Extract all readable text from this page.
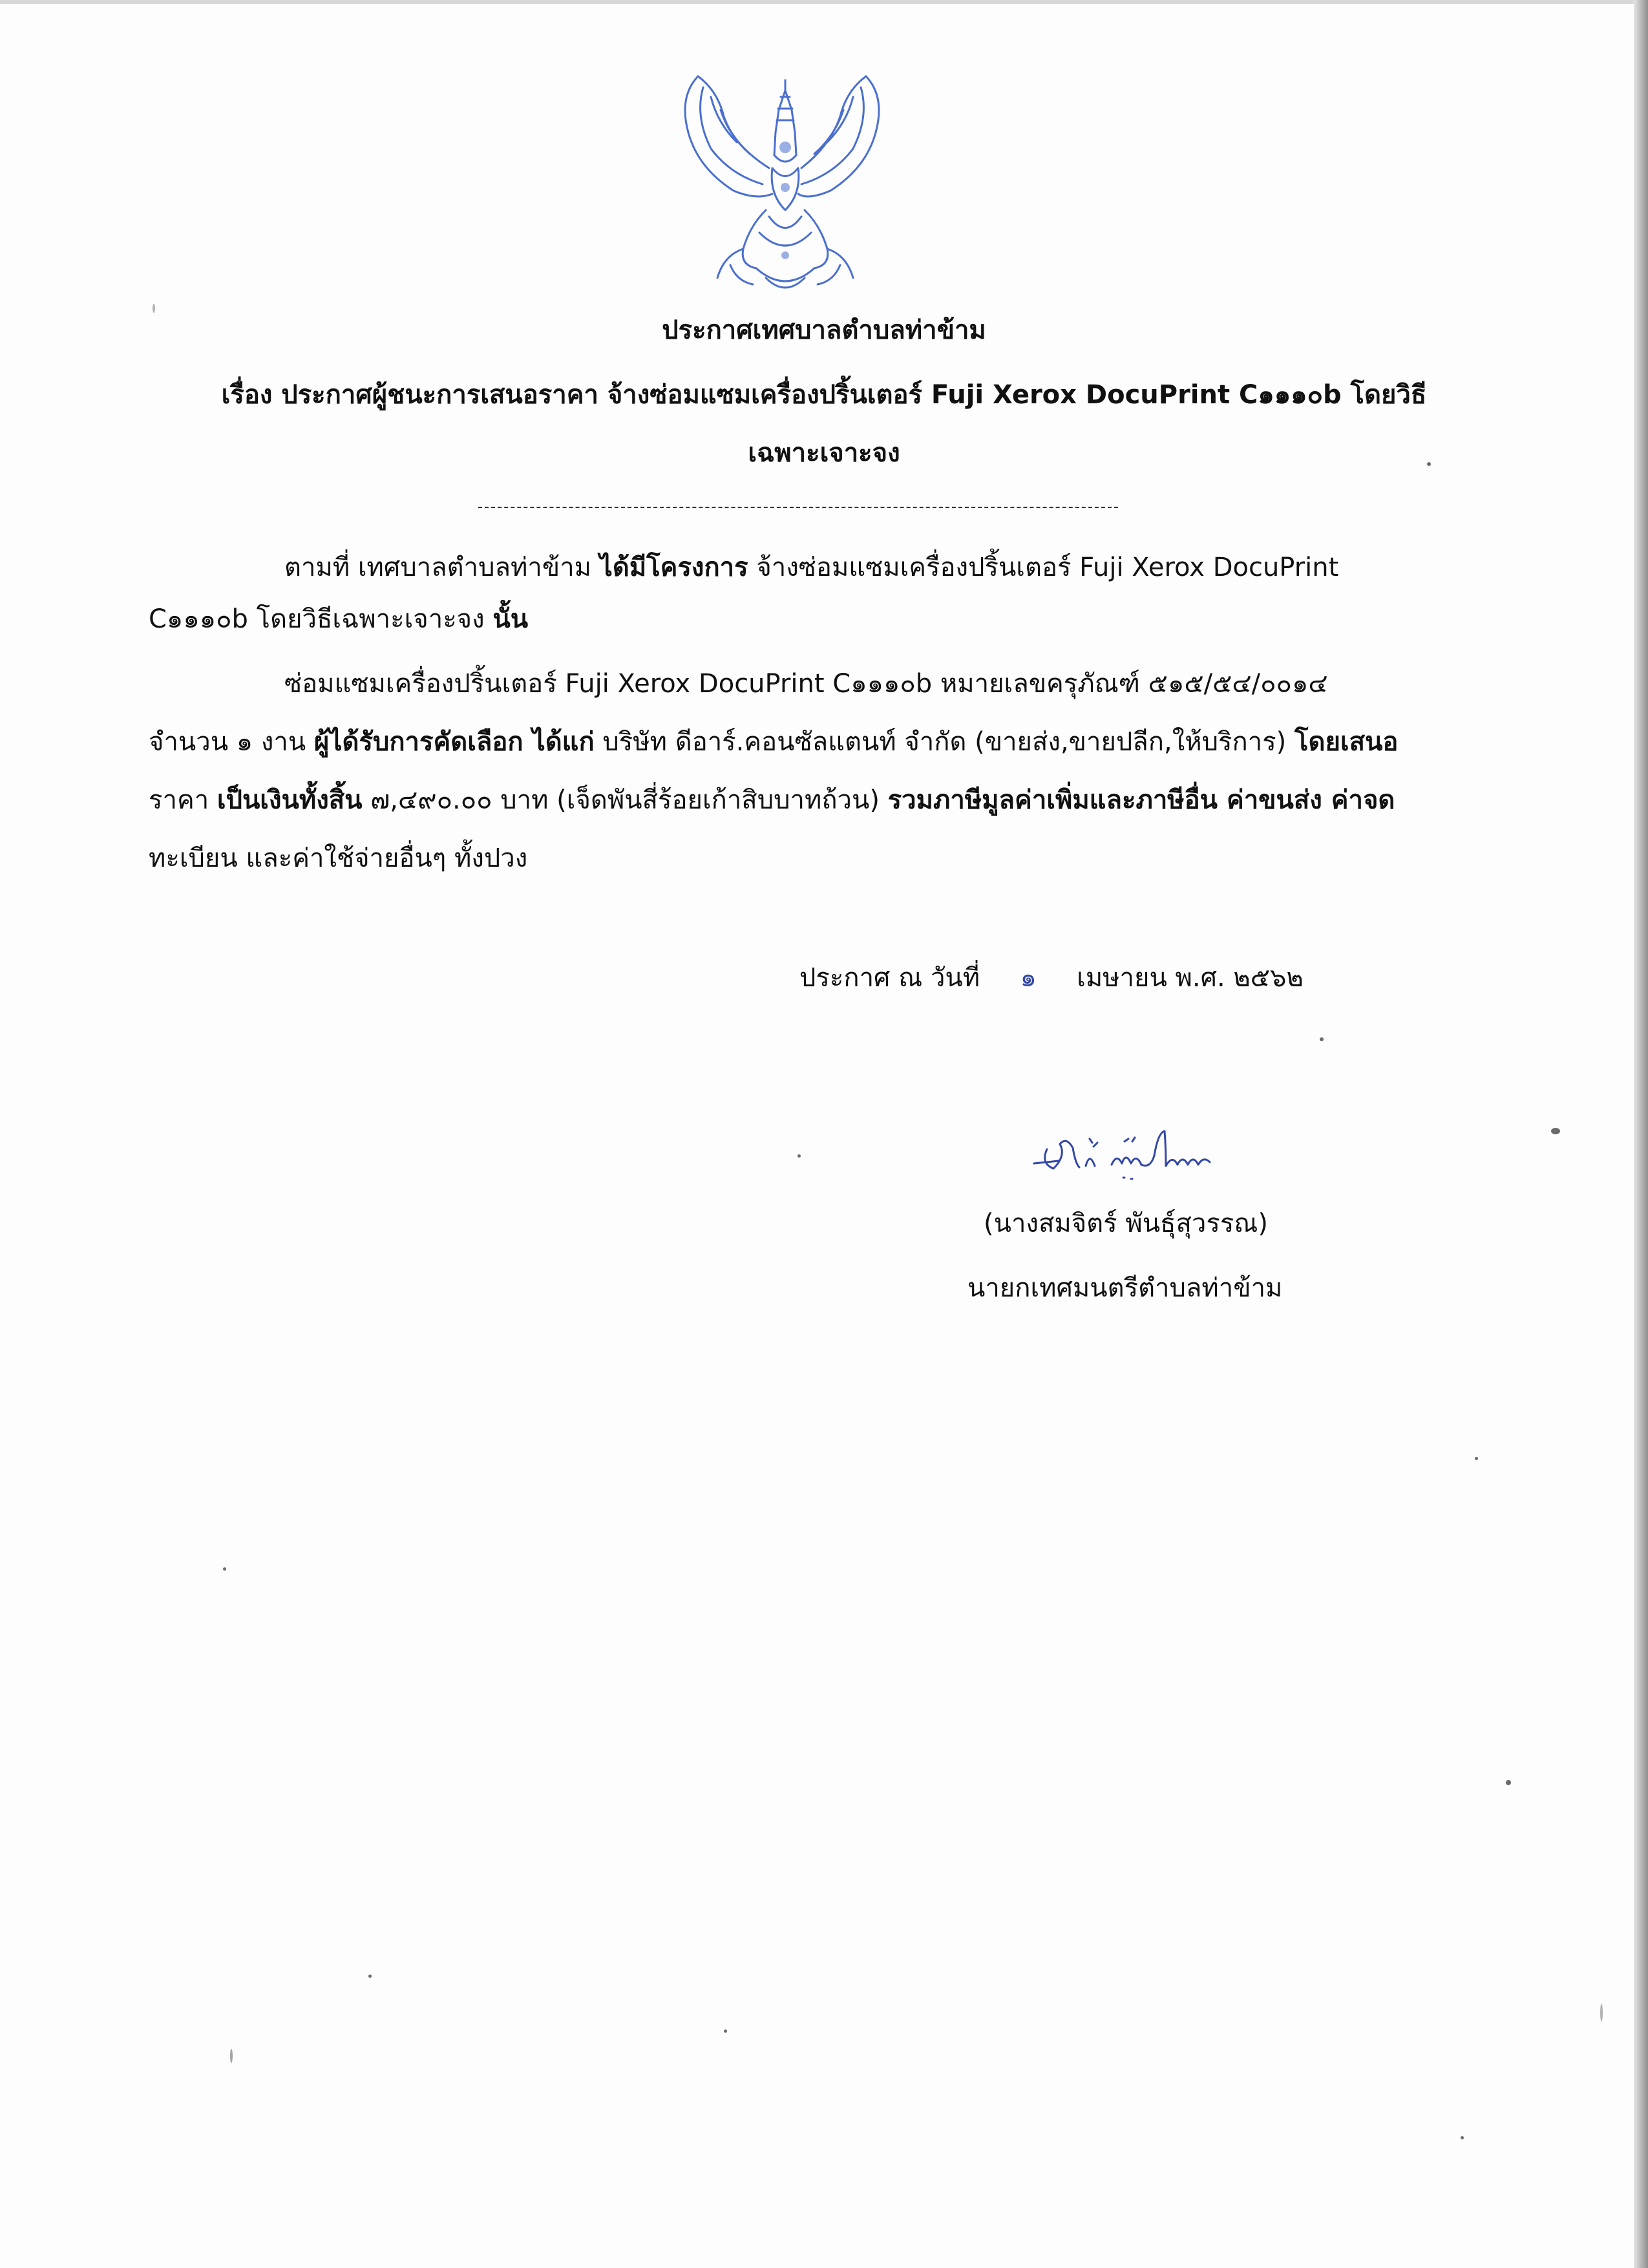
ประกาศเทศบาลตำบลท่าข้าม
เรื่อง ประกาศผู้ชนะการเสนอราคา จ้างซ่อมแซมเครื่องปริ้นเตอร์ Fuji Xerox DocuPrint C๑๑๑๐b โดยวิธี
เฉพาะเจาะจง
ตามที่ เทศบาลตำบลท่าข้าม ได้มีโครงการ จ้างซ่อมแซมเครื่องปริ้นเตอร์ Fuji Xerox DocuPrint
C๑๑๑๐b โดยวิธีเฉพาะเจาะจง นั้น
ซ่อมแซมเครื่องปริ้นเตอร์ Fuji Xerox DocuPrint C๑๑๑๐b หมายเลขครุภัณฑ์ ๕๑๕/๕๔/๐๐๑๔
จำนวน ๑ งาน ผู้ได้รับการคัดเลือก ได้แก่ บริษัท ดีอาร์.คอนซัลแตนท์ จำกัด (ขายส่ง,ขายปลีก,ให้บริการ) โดยเสนอ
ราคา เป็นเงินทั้งสิ้น ๗,๔๙๐.๐๐ บาท (เจ็ดพันสี่ร้อยเก้าสิบบาทถ้วน) รวมภาษีมูลค่าเพิ่มและภาษีอื่น ค่าขนส่ง ค่าจด
ทะเบียน และค่าใช้จ่ายอื่นๆ ทั้งปวง
ประกาศ ณ วันที่ ๑ เมษายน พ.ศ. ๒๕๖๒
(นางสมจิตร์ พันธุ์สุวรรณ)
นายกเทศมนตรีตำบลท่าข้าม
